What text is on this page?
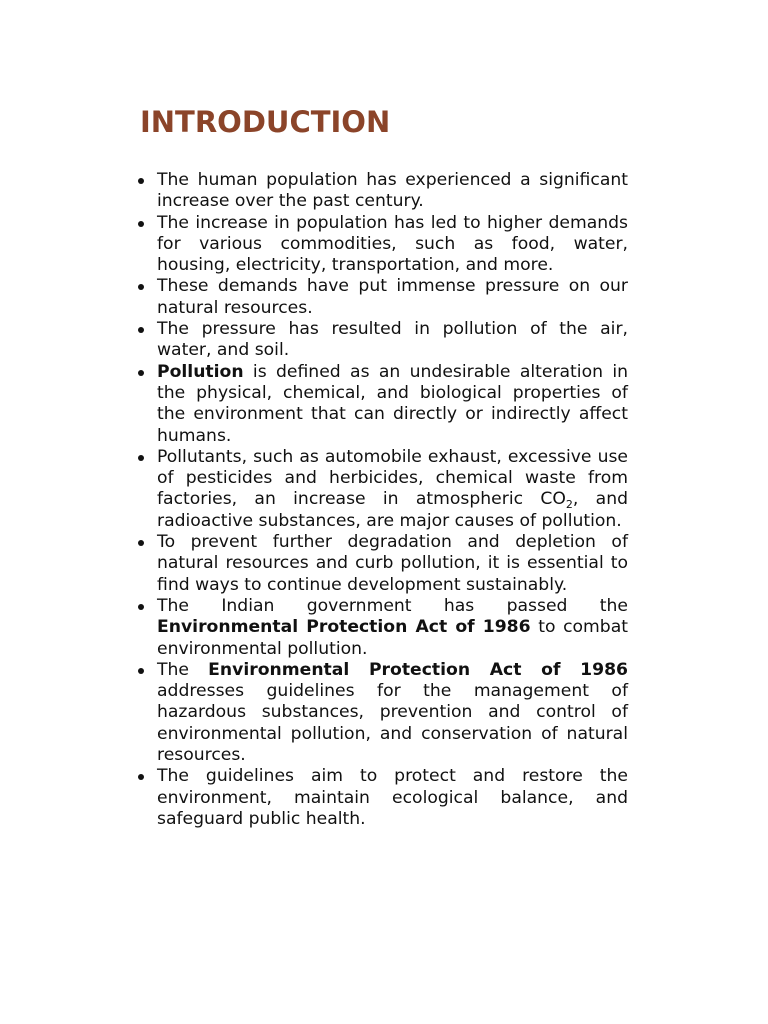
INTRODUCTION
The human population has experienced a significant increase over the past century.
The increase in population has led to higher demands for various commodities, such as food, water, housing, electricity, transportation, and more.
These demands have put immense pressure on our natural resources.
The pressure has resulted in pollution of the air, water, and soil.
Pollution is defined as an undesirable alteration in the physical, chemical, and biological properties of the environment that can directly or indirectly affect humans.
Pollutants, such as automobile exhaust, excessive use of pesticides and herbicides, chemical waste from factories, an increase in atmospheric $CO_2$, and radioactive substances, are major causes of pollution.
To prevent further degradation and depletion of natural resources and curb pollution, it is essential to find ways to continue development sustainably.
The Indian government has passed the Environmental Protection Act of 1986 to combat environmental pollution.
The Environmental Protection Act of 1986 addresses guidelines for the management of hazardous substances, prevention and control of environmental pollution, and conservation of natural resources.
The guidelines aim to protect and restore the environment, maintain ecological balance, and safeguard public health.
